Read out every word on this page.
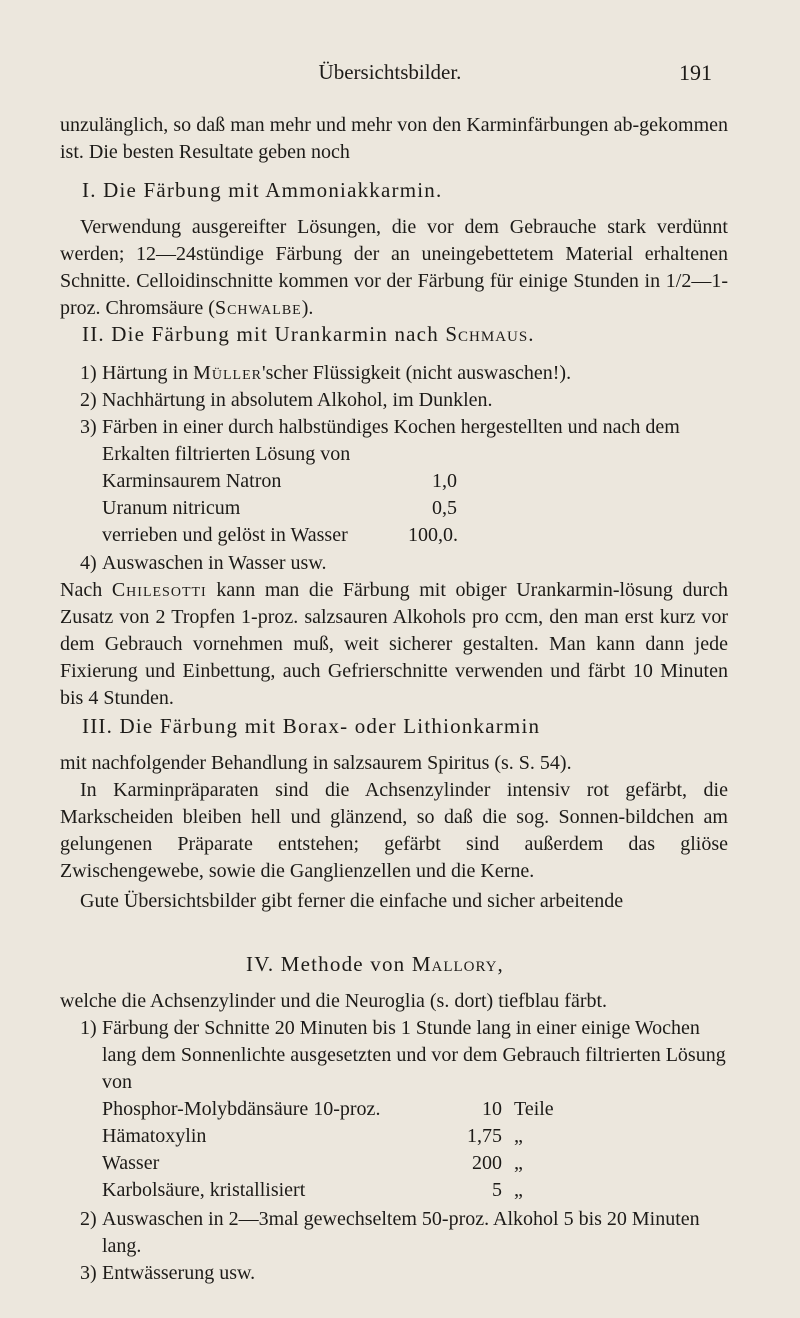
Übersichtsbilder.	191

unzulänglich, so daß man mehr und mehr von den Karminfärbungen ab-gekommen ist. Die besten Resultate geben noch

I. Die Färbung mit Ammoniakkarmin.

Verwendung ausgereifter Lösungen, die vor dem Gebrauche stark verdünnt werden; 12—24stündige Färbung der an uneingebettetem Material erhaltenen Schnitte. Celloidinschnitte kommen vor der Färbung für einige Stunden in 1/2—1-proz. Chromsäure (Schwalbe).

II. Die Färbung mit Urankarmin nach Schmaus.
1) Härtung in Müller'scher Flüssigkeit (nicht auswaschen!).
2) Nachhärtung in absolutem Alkohol, im Dunklen.
3) Färben in einer durch halbstündiges Kochen hergestellten und nach dem Erkalten filtrierten Lösung von
Karminsaurem Natron	1,0
Uranum nitricum	0,5
verrieben und gelöst in Wasser	100,0.
4) Auswaschen in Wasser usw.

Nach Chilesotti kann man die Färbung mit obiger Urankarmin-lösung durch Zusatz von 2 Tropfen 1-proz. salzsauren Alkohols pro ccm, den man erst kurz vor dem Gebrauch vornehmen muß, weit sicherer gestalten. Man kann dann jede Fixierung und Einbettung, auch Gefrierschnitte verwenden und färbt 10 Minuten bis 4 Stunden.

III. Die Färbung mit Borax- oder Lithionkarmin

mit nachfolgender Behandlung in salzsaurem Spiritus (s. S. 54).

In Karminpräparaten sind die Achsenzylinder intensiv rot gefärbt, die Markscheiden bleiben hell und glänzend, so daß die sog. Sonnen-bildchen am gelungenen Präparate entstehen; gefärbt sind außerdem das gliöse Zwischengewebe, sowie die Ganglienzellen und die Kerne.

Gute Übersichtsbilder gibt ferner die einfache und sicher arbeitende

IV. Methode von Mallory,

welche die Achsenzylinder und die Neuroglia (s. dort) tiefblau färbt.

1) Färbung der Schnitte 20 Minuten bis 1 Stunde lang in einer einige Wochen lang dem Sonnenlichte ausgesetzten und vor dem Gebrauch filtrierten Lösung von
Phosphor-Molybdänsäure 10-proz.	10 Teile
Hämatoxylin	1,75 „
Wasser	200 „
Karbolsäure, kristallisiert	5 „
2) Auswaschen in 2—3mal gewechseltem 50-proz. Alkohol 5 bis 20 Minuten lang.
3) Entwässerung usw.
